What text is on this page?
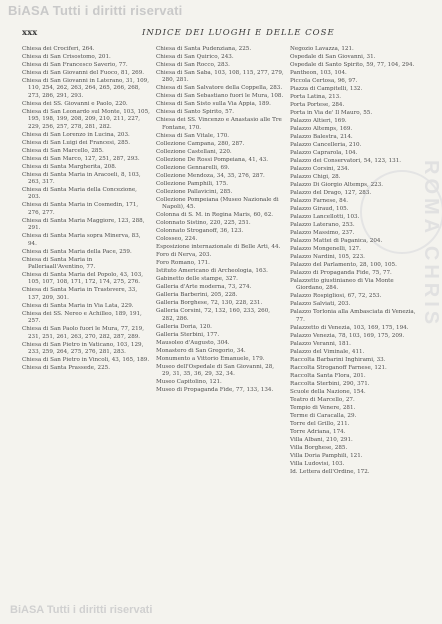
BiASA Tutti i diritti riservati
ROMA CHRIS
xxx	INDICE DEI LUOGHI E DELLE COSE
Chiesa dei Crociferi, 264.
Chiesa di San Crisostomo, 201.
Chiesa di San Francesco Saverio, 77.
Chiesa di San Giovanni del Fuoco, 81, 269.
Chiesa di San Giovanni in Laterano, 31, 109, 110, 254, 262, 263, 264, 265, 266, 268, 273, 286, 291, 293.
Chiesa dei SS. Giovanni e Paolo, 220.
Chiesa di San Leonardo sul Monte, 103, 105, 195, 198, 199, 208, 209, 210, 211, 227, 229, 256, 257, 278, 281, 282.
Chiesa di San Lorenzo in Lucina, 203.
Chiesa di San Luigi dei Francesi, 285.
Chiesa di San Marcello, 285.
Chiesa di San Marco, 127, 251, 287, 293.
Chiesa di Santa Margherita, 208.
Chiesa di Santa Maria in Aracoeli, 8, 103, 263, 317.
Chiesa di Santa Maria della Concezione, 203.
Chiesa di Santa Maria in Cosmedin, 171, 276, 277.
Chiesa di Santa Maria Maggiore, 123, 288, 291.
Chiesa di Santa Maria sopra Minerva, 83, 94.
Chiesa di Santa Maria della Pace, 259.
Chiesa di Santa Maria in Palleriaall'Aventino, 77.
Chiesa di Santa Maria del Popolo, 43, 103, 105, 107, 108, 171, 172, 174, 275, 276.
Chiesa di Santa Maria in Trastevere, 33, 137, 209, 301.
Chiesa di Santa Maria in Via Lata, 229.
Chiesa dei SS. Nereo e Achilleo, 189, 191, 257.
Chiesa di San Paolo fuori le Mura, 77, 219, 231, 251, 261, 263, 270, 282, 287, 289.
Chiesa di San Pietro in Vaticano, 103, 129, 233, 259, 264, 275, 276, 281, 283.
Chiesa di San Pietro in Vincoli, 43, 165, 189.
Chiesa di Santa Prassede, 225.
Chiesa di Santa Pudenziana, 225.
Chiesa di San Quirico, 243.
Chiesa di San Rocco, 283.
Chiesa di San Saba, 103, 108, 115, 277, 279, 280, 281.
Chiesa di San Salvatore della Coppella, 283.
Chiesa di San Sebastiano fuori le Mura, 108.
Chiesa di San Sisto sulla Via Appia, 189.
Chiesa di Santo Spirito, 57.
Chiesa dei SS. Vincenzo e Anastasio alle Tre Fontane, 170.
Chiesa di San Vitale, 170.
Collezione Campana, 280, 287.
Collezione Castellani, 220.
Collezione De Rossi Pompeiana, 41, 43.
Collezione Gennarelli, 69.
Collezione Mendoza, 34, 35, 276, 287.
Collezione Pamphili, 175.
Collezione Pallavicini, 285.
Collezione Pompeiana (Museo Nazionale di Napoli), 45.
Colonna di S. M. in Regina Maris, 60, 62.
Colonnato Sistino, 220, 225, 251.
Colonnato Stroganoff, 36, 123.
Colosseo, 224.
Esposizione internazionale di Belle Arti, 44.
Foro di Nerva, 203.
Foro Romano, 171.
Istituto Americano di Archeologia, 163.
Gabinetto delle stampe, 327.
Galleria d'Arte moderna, 73, 274.
Galleria Barberini, 205, 228.
Galleria Borghese, 72, 130, 228, 231.
Galleria Corsini, 72, 132, 160, 233, 260, 282, 286.
Galleria Doria, 120.
Galleria Sterbini, 177.
Mausoleo d'Augusto, 304.
Monastero di San Gregorio, 34.
Monumento a Vittorio Emanuele, 179.
Museo dell'Ospedale di San Giovanni, 28, 29, 31, 35, 36, 29, 32, 34.
Museo Capitolino, 121.
Museo di Propaganda Fide, 77, 133, 134.
Negozio Lavazza, 121.
Ospedale di San Giovanni, 31.
Ospedale di Santo Spirito, 59, 77, 104, 294.
Pantheon, 103, 104.
Piccola Certosa, 96, 97.
Piazza di Campitelli, 132.
Porta Latina, 213.
Porta Portese, 284.
Porta in Via de' Il Mauro, 55.
Palazzo Altieri, 169.
Palazzo Altemps, 169.
Palazzo Balestra, 214.
Palazzo Cancelleria, 210.
Palazzo Caprarola, 104.
Palazzo dei Conservatori, 54, 123, 131.
Palazzo Corsini, 234.
Palazzo Chigi, 28.
Palazzo Di Giorgio Altemps, 223.
Palazzo del Drago, 127, 283.
Palazzo Farnese, 84.
Palazzo Giraud, 105.
Palazzo Lancellotti, 103.
Palazzo Laterano, 253.
Palazzo Massimo, 237.
Palazzo Mattei di Paganica, 204.
Palazzo Mongenelli, 127.
Palazzo Nardini, 105, 223.
Palazzo del Parlamento, 28, 100, 105.
Palazzo di Propaganda Fide, 75, 77.
Palazzetto giustinianeo di Via Monte Giordano, 284.
Palazzo Rospigliosi, 67, 72, 253.
Palazzo Salviati, 203.
Palazzo Torlonia alla Ambasciata di Venezia, 77.
Palazzetto di Venezia, 103, 169, 175, 194.
Palazzo Venezia, 78, 103, 169, 175, 209.
Palazzo Veranni, 181.
Palazzo del Viminale, 411.
Raccolta Barbarini Inghirami, 33.
Raccolta Stroganoff Farnese, 121.
Raccolta Santa Flora, 201.
Raccolta Sterbini, 290, 371.
Scuole della Nazione, 154.
Teatro di Marcello, 27.
Tempio di Venere, 281.
Terme di Caracalla, 29.
Torre del Grillo, 211.
Torre Adriana, 174.
Villa Albani, 210, 291.
Villa Borghese, 285.
Villa Doria Pamphili, 121.
Villa Ludovisi, 103.
Id. Lettera dell'Ordine, 172.
BiASA Tutti i diritti riservati
